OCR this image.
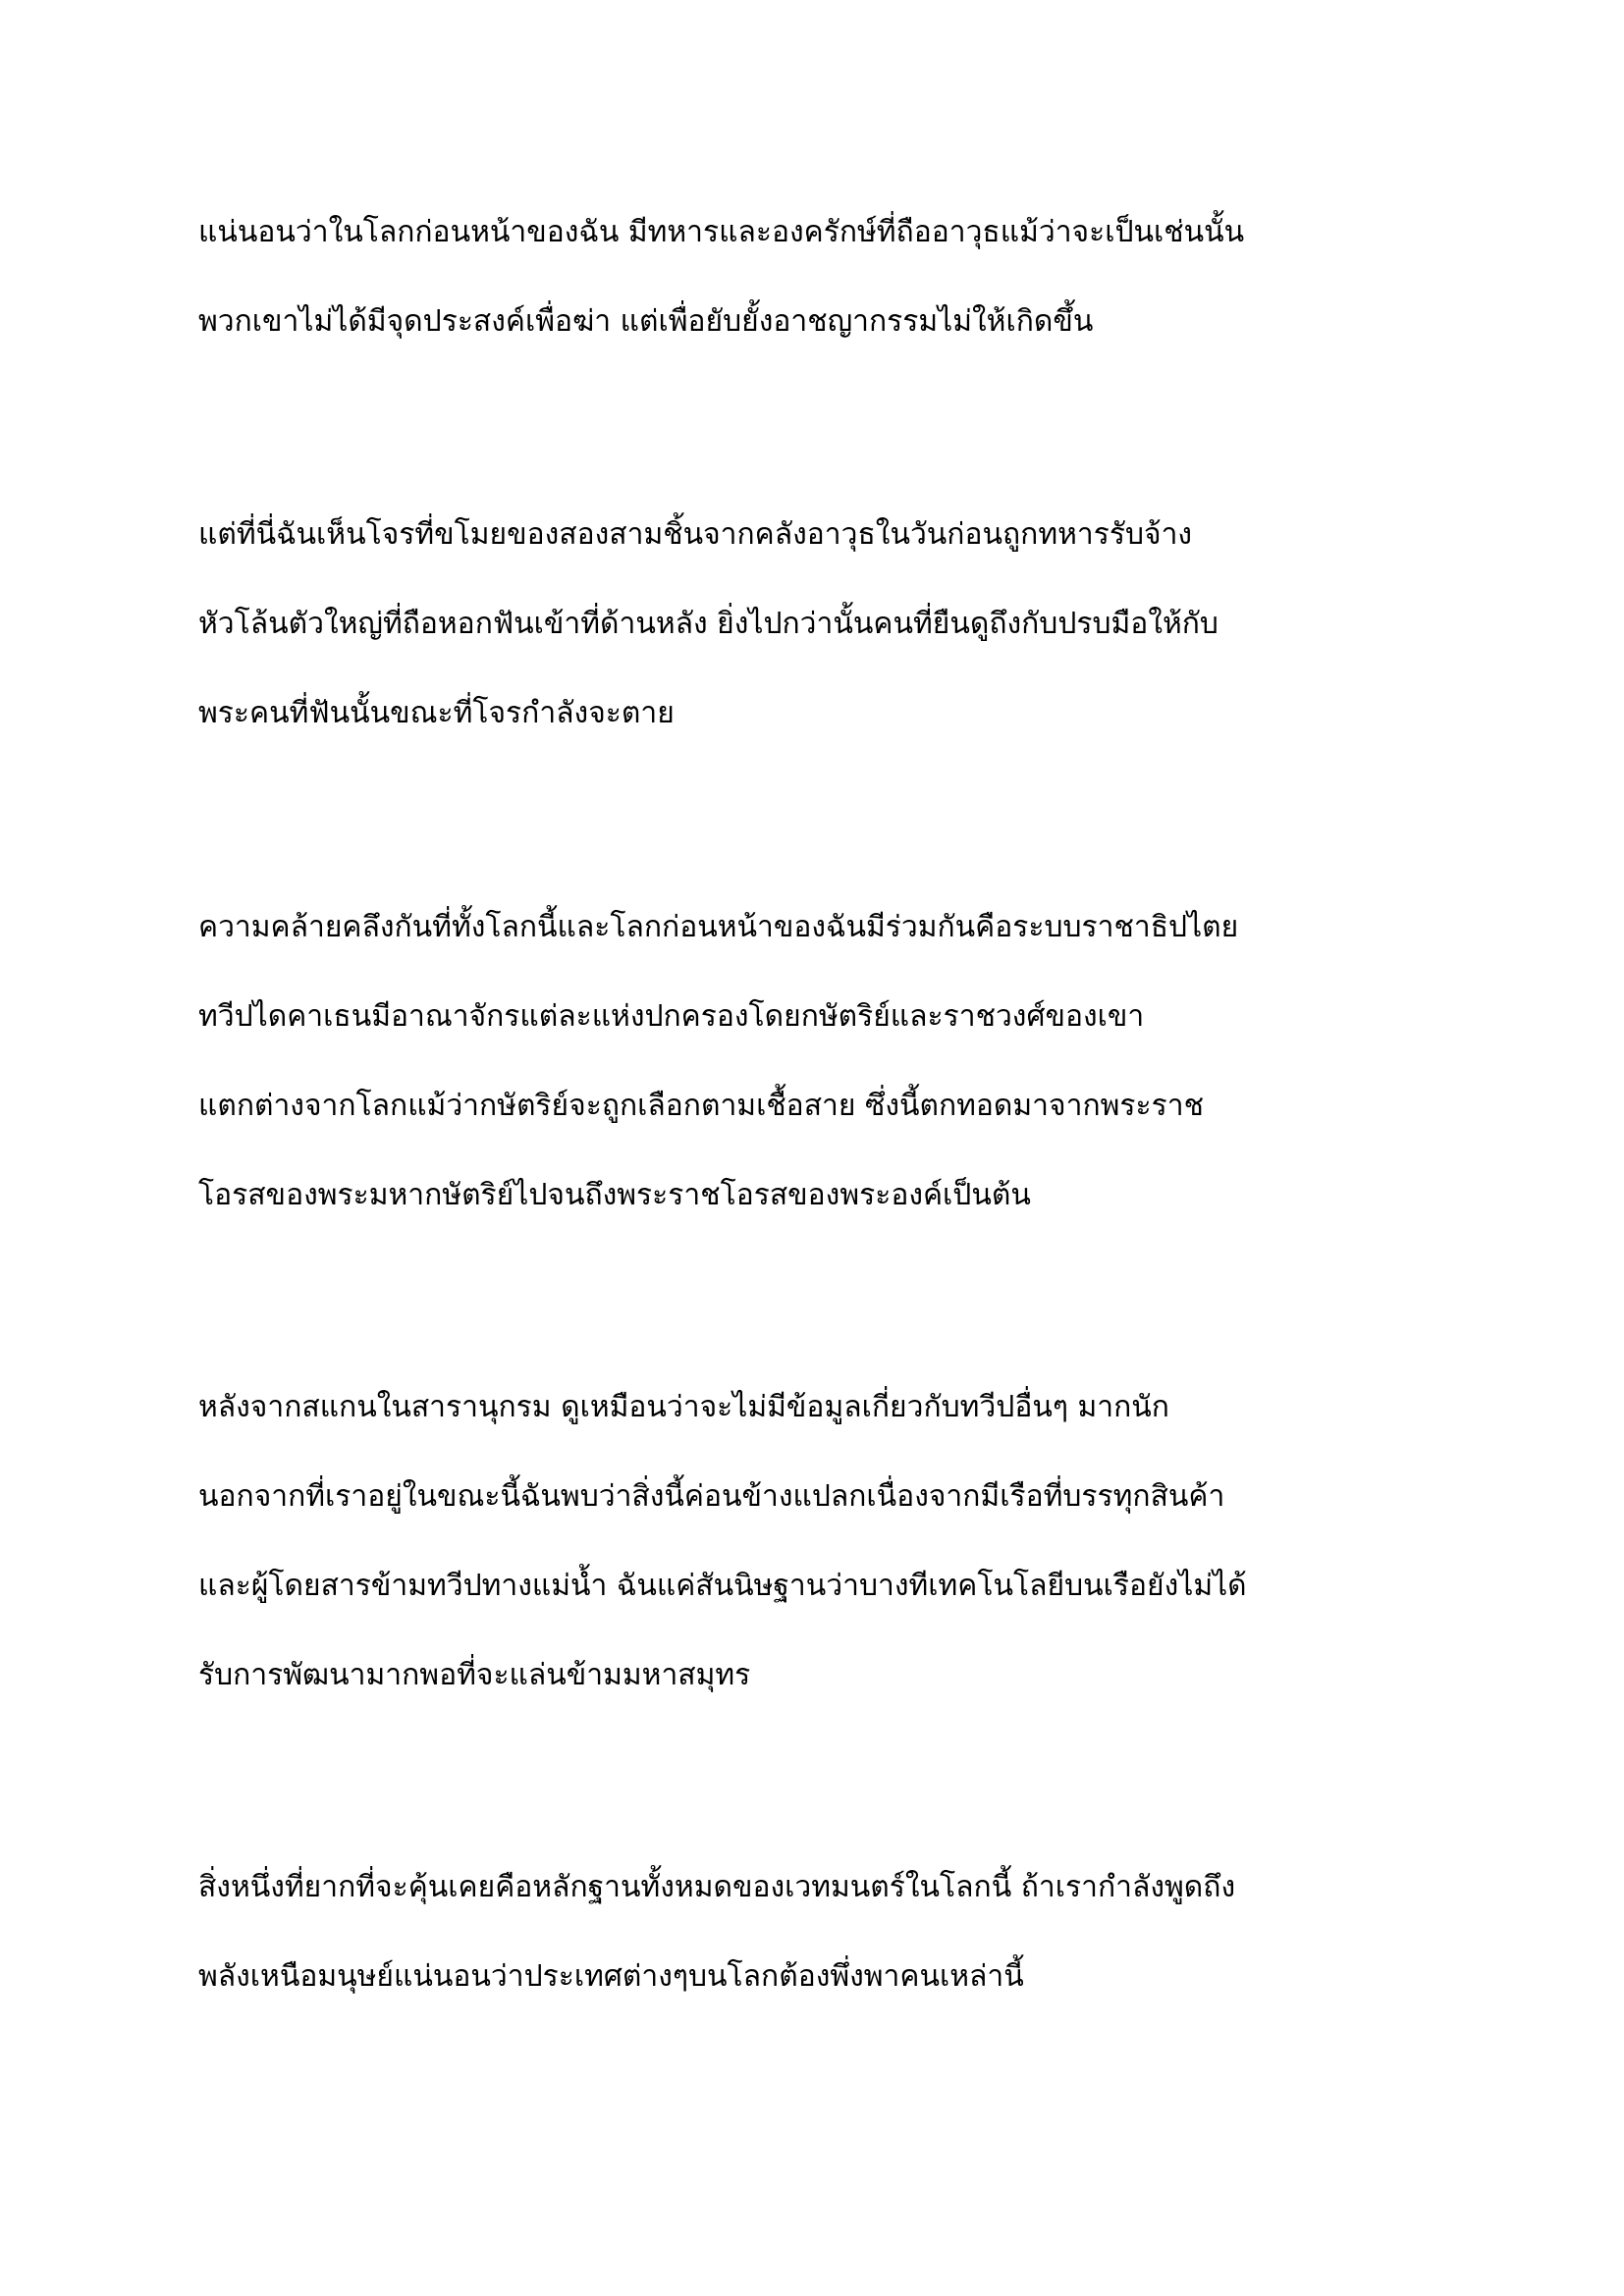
แน่นอนว่าในโลกก่อนหน้าของฉัน มีทหารและองครักษ์ที่ถืออาวุธแม้ว่าจะเป็นเช่นนั้น

พวกเขาไม่ได้มีจุดประสงค์เพื่อฆ่า แต่เพื่อยับยั้งอาชญากรรมไม่ให้เกิดขึ้น

แต่ที่นี่ฉันเห็นโจรที่ขโมยของสองสามชิ้นจากคลังอาวุธในวันก่อนถูกทหารรับจ้าง

หัวโล้นตัวใหญ่ที่ถือหอกฟันเข้าที่ด้านหลัง ยิ่งไปกว่านั้นคนที่ยืนดูถึงกับปรบมือให้กับ

พระคนที่ฟันนั้นขณะที่โจรกำลังจะตาย

ความคล้ายคลึงกันที่ทั้งโลกนี้และโลกก่อนหน้าของฉันมีร่วมกันคือระบบราชาธิปไตย

ทวีปไดคาเธนมีอาณาจักรแต่ละแห่งปกครองโดยกษัตริย์และราชวงศ์ของเขา

แตกต่างจากโลกแม้ว่ากษัตริย์จะถูกเลือกตามเชื้อสาย ซึ่งนี้ตกทอดมาจากพระราช

โอรสของพระมหากษัตริย์ไปจนถึงพระราชโอรสของพระองค์เป็นต้น

หลังจากสแกนในสารานุกรม ดูเหมือนว่าจะไม่มีข้อมูลเกี่ยวกับทวีปอื่นๆ มากนัก

นอกจากที่เราอยู่ในขณะนี้ฉันพบว่าสิ่งนี้ค่อนข้างแปลกเนื่องจากมีเรือที่บรรทุกสินค้า

และผู้โดยสารข้ามทวีปทางแม่น้ำ ฉันแค่สันนิษฐานว่าบางทีเทคโนโลยีบนเรือยังไม่ได้

รับการพัฒนามากพอที่จะแล่นข้ามมหาสมุทร

สิ่งหนึ่งที่ยากที่จะคุ้นเคยคือหลักฐานทั้งหมดของเวทมนตร์ในโลกนี้ ถ้าเรากำลังพูดถึง

พลังเหนือมนุษย์แน่นอนว่าประเทศต่างๆบนโลกต้องพึ่งพาคนเหล่านี้
